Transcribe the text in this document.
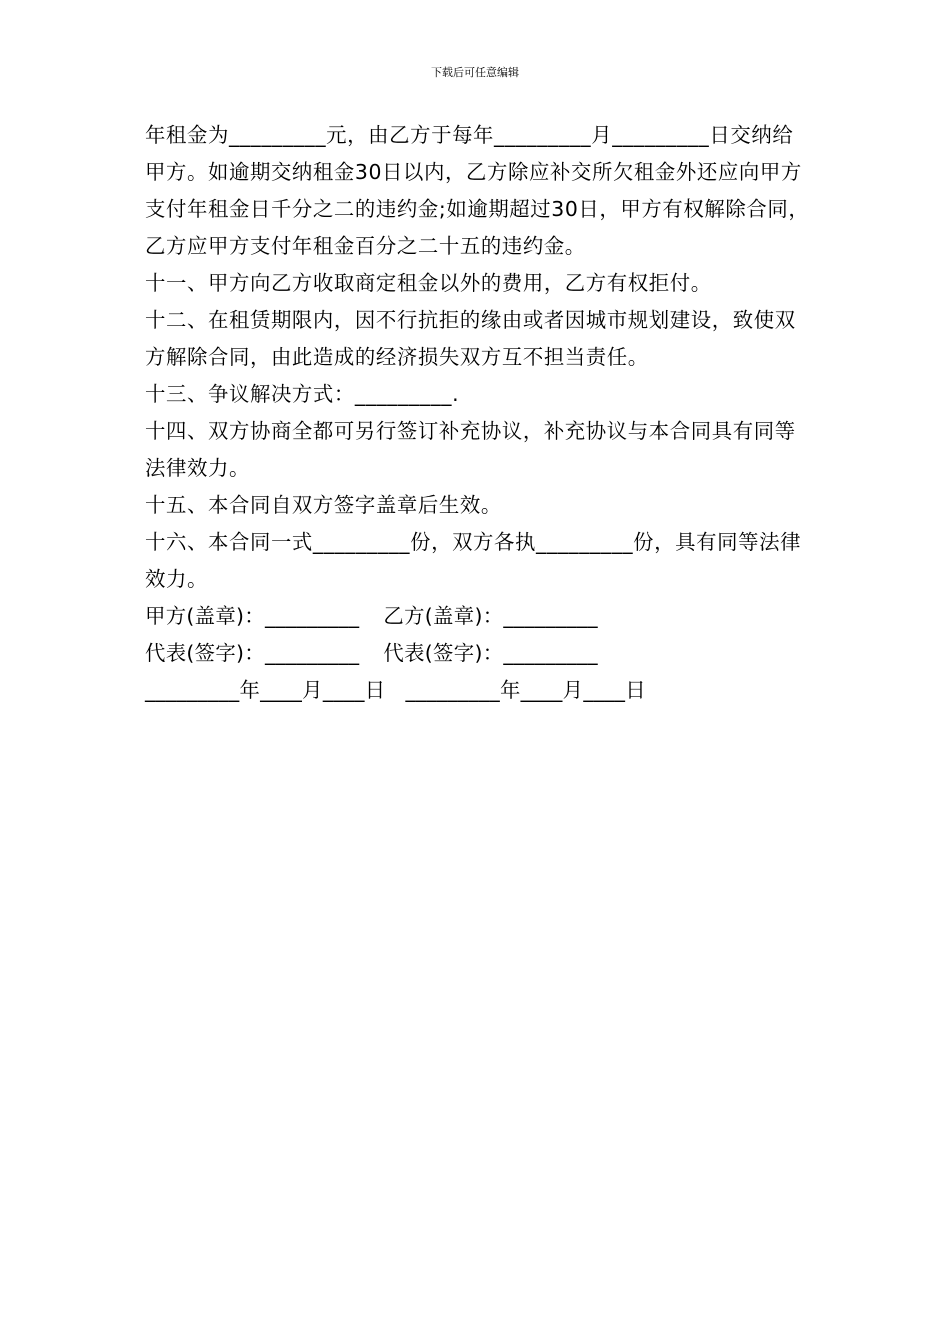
下载后可任意编辑

年租金为_________元，由乙方于每年_________月_________日交纳给甲方。如逾期交纳租金30日以内，乙方除应补交所欠租金外还应向甲方支付年租金日千分之二的违约金;如逾期超过30日，甲方有权解除合同，乙方应甲方支付年租金百分之二十五的违约金。

十一、甲方向乙方收取商定租金以外的费用，乙方有权拒付。

十二、在租赁期限内，因不行抗拒的缘由或者因城市规划建设，致使双方解除合同，由此造成的经济损失双方互不担当责任。

十三、争议解决方式：_________.

十四、双方协商全都可另行签订补充协议，补充协议与本合同具有同等法律效力。

十五、本合同自双方签字盖章后生效。

十六、本合同一式_________份，双方各执_________份，具有同等法律效力。

甲方(盖章)：_________ 乙方(盖章)：_________
代表(签字)：_________ 代表(签字)：_________
_________年____月____日 _________年____月____日
